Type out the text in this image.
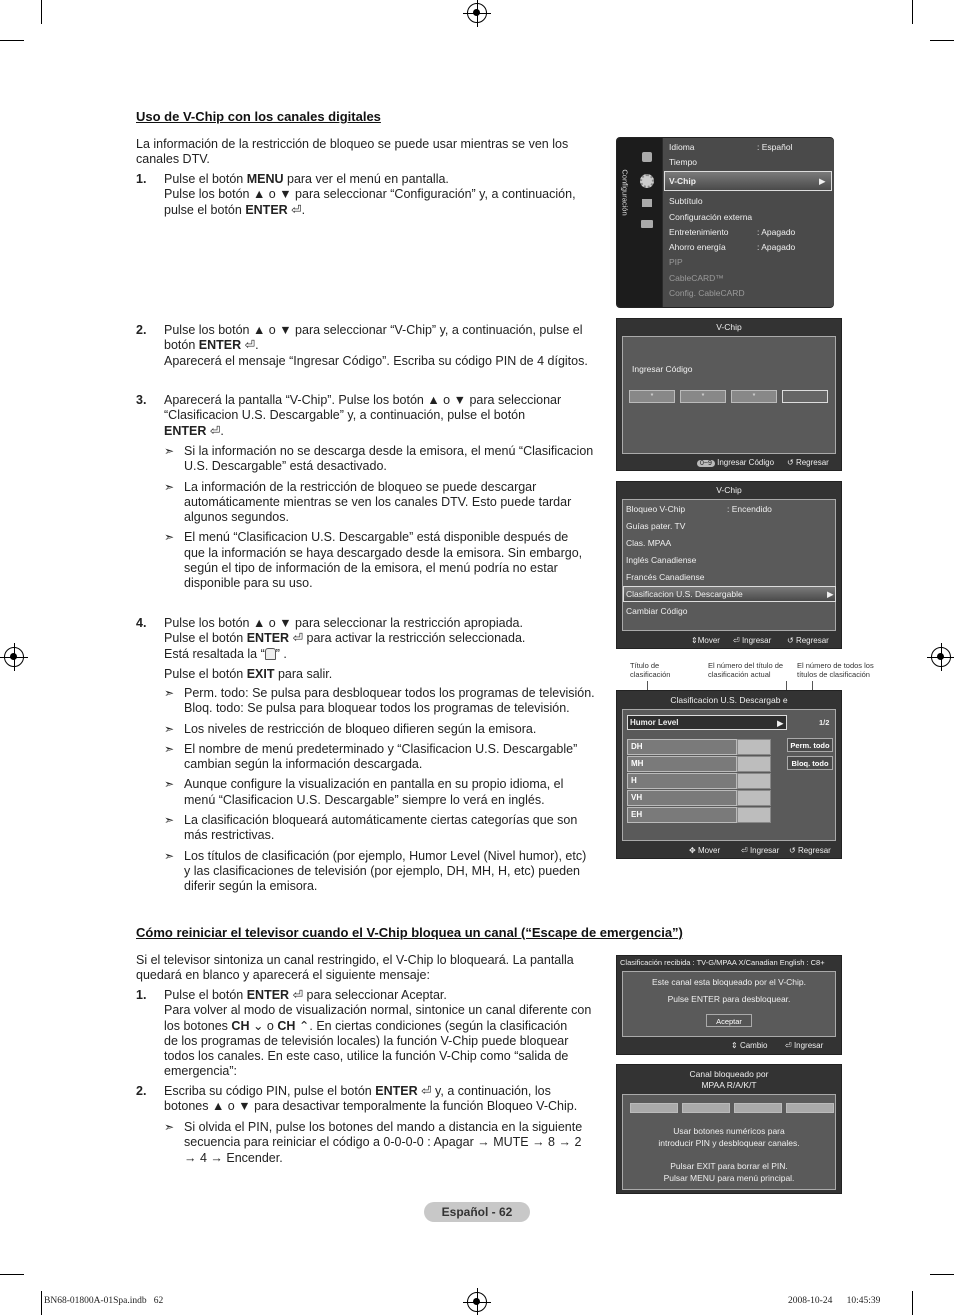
Uso de V-Chip con los canales digitales
La información de la restricción de bloqueo se puede usar mientras se ven los
canales DTV.
1. Pulse el botón MENU para ver el menú en pantalla.
Pulse los botón ▲ o ▼ para seleccionar “Configuración” y, a continuación,
pulse el botón ENTER ⏎.
2. Pulse los botón ▲ o ▼ para seleccionar “V-Chip” y, a continuación, pulse el
botón ENTER ⏎.
Aparecerá el mensaje “Ingresar Código”. Escriba su código PIN de 4 dígitos.
3. Aparecerá la pantalla “V-Chip”. Pulse los botón ▲ o ▼ para seleccionar
“Clasificacion U.S. Descargable” y, a continuación, pulse el botón
ENTER ⏎.
➣ Si la información no se descarga desde la emisora, el menú “Clasificacion
U.S. Descargable” está desactivado.
➣ La información de la restricción de bloqueo se puede descargar
automáticamente mientras se ven los canales DTV. Esto puede tardar
algunos segundos.
➣ El menú “Clasificacion U.S. Descargable” está disponible después de
que la información se haya descargado desde la emisora. Sin embargo,
según el tipo de información de la emisora, el menú podría no estar
disponible para su uso.
4. Pulse los botón ▲ o ▼ para seleccionar la restricción apropiada.
Pulse el botón ENTER ⏎ para activar la restricción seleccionada.
Está resaltada la “ ” .
Pulse el botón EXIT para salir.
➣ Perm. todo: Se pulsa para desbloquear todos los programas de televisión.
Bloq. todo: Se pulsa para bloquear todos los programas de televisión.
➣ Los niveles de restricción de bloqueo difieren según la emisora.
➣ El nombre de menú predeterminado y “Clasificacion U.S. Descargable”
cambian según la información descargada.
➣ Aunque configure la visualización en pantalla en su propio idioma, el
menú “Clasificacion U.S. Descargable” siempre lo verá en inglés.
➣ La clasificación bloqueará automáticamente ciertas categorías que son
más restrictivas.
➣ Los títulos de clasificación (por ejemplo, Humor Level (Nivel humor), etc)
y las clasificaciones de televisión (por ejemplo, DH, MH, H, etc) pueden
diferir según la emisora.
Configuración
Idioma	: Español
Tiempo
V-Chip	▶
Subtítulo
Configuración externa
Entretenimiento	: Apagado
Ahorro energía	: Apagado
PIP
CableCARD™
Config. CableCARD
V-Chip
Ingresar Código
*	*	*
0~9 Ingresar Código ↺ Regresar
V-Chip
Bloqueo V-Chip	: Encendido
Guías pater. TV
Clas. MPAA
Inglés Canadiense
Francés Canadiense
Clasificacion U.S. Descargable	▶
Cambiar Código
⇕Mover ⏎ Ingresar ↺ Regresar
Título de
clasificación
El número del título de
clasificación actual
El número de todos los
títulos de clasificación
Clasificacion U.S. Descargab e
Humor Level	▶	1/2
DH
MH
H
VH
EH
Perm. todo
Bloq. todo
✥ Mover	⏎ Ingresar ↺ Regresar
Cómo reiniciar el televisor cuando el V-Chip bloquea un canal (“Escape de emergencia”)
Si el televisor sintoniza un canal restringido, el V-Chip lo bloqueará. La pantalla
quedará en blanco y aparecerá el siguiente mensaje:
1. Pulse el botón ENTER ⏎ para seleccionar Aceptar.
Para volver al modo de visualización normal, sintonice un canal diferente con
los botones CH ⌄ o CH ⌃. En ciertas condiciones (según la clasificación
de los programas de televisión locales) la función V-Chip puede bloquear
todos los canales. En este caso, utilice la función V-Chip como “salida de
emergencia”:
2. Escriba su código PIN, pulse el botón ENTER ⏎ y, a continuación, los
botones ▲ o ▼ para desactivar temporalmente la función Bloqueo V-Chip.
➣ Si olvida el PIN, pulse los botones del mando a distancia en la siguiente
secuencia para reiniciar el código a 0-0-0-0 : Apagar → MUTE → 8 → 2
→ 4 → Encender.
Clasificación recibida : TV-G/MPAA X/Canadian English : C8+
Este canal esta bloqueado por el V-Chip.
Pulse ENTER para desbloquear.
Aceptar
⇕ Cambio ⏎ Ingresar
Canal bloqueado por
MPAA R/A/K/T
Usar botones numéricos para
introducir PIN y desbloquear canales.
Pulsar EXIT para borrar el PIN.
Pulsar MENU para menú principal.
Español - 62
BN68-01800A-01Spa.indb   62	2008-10-24      10:45:39
